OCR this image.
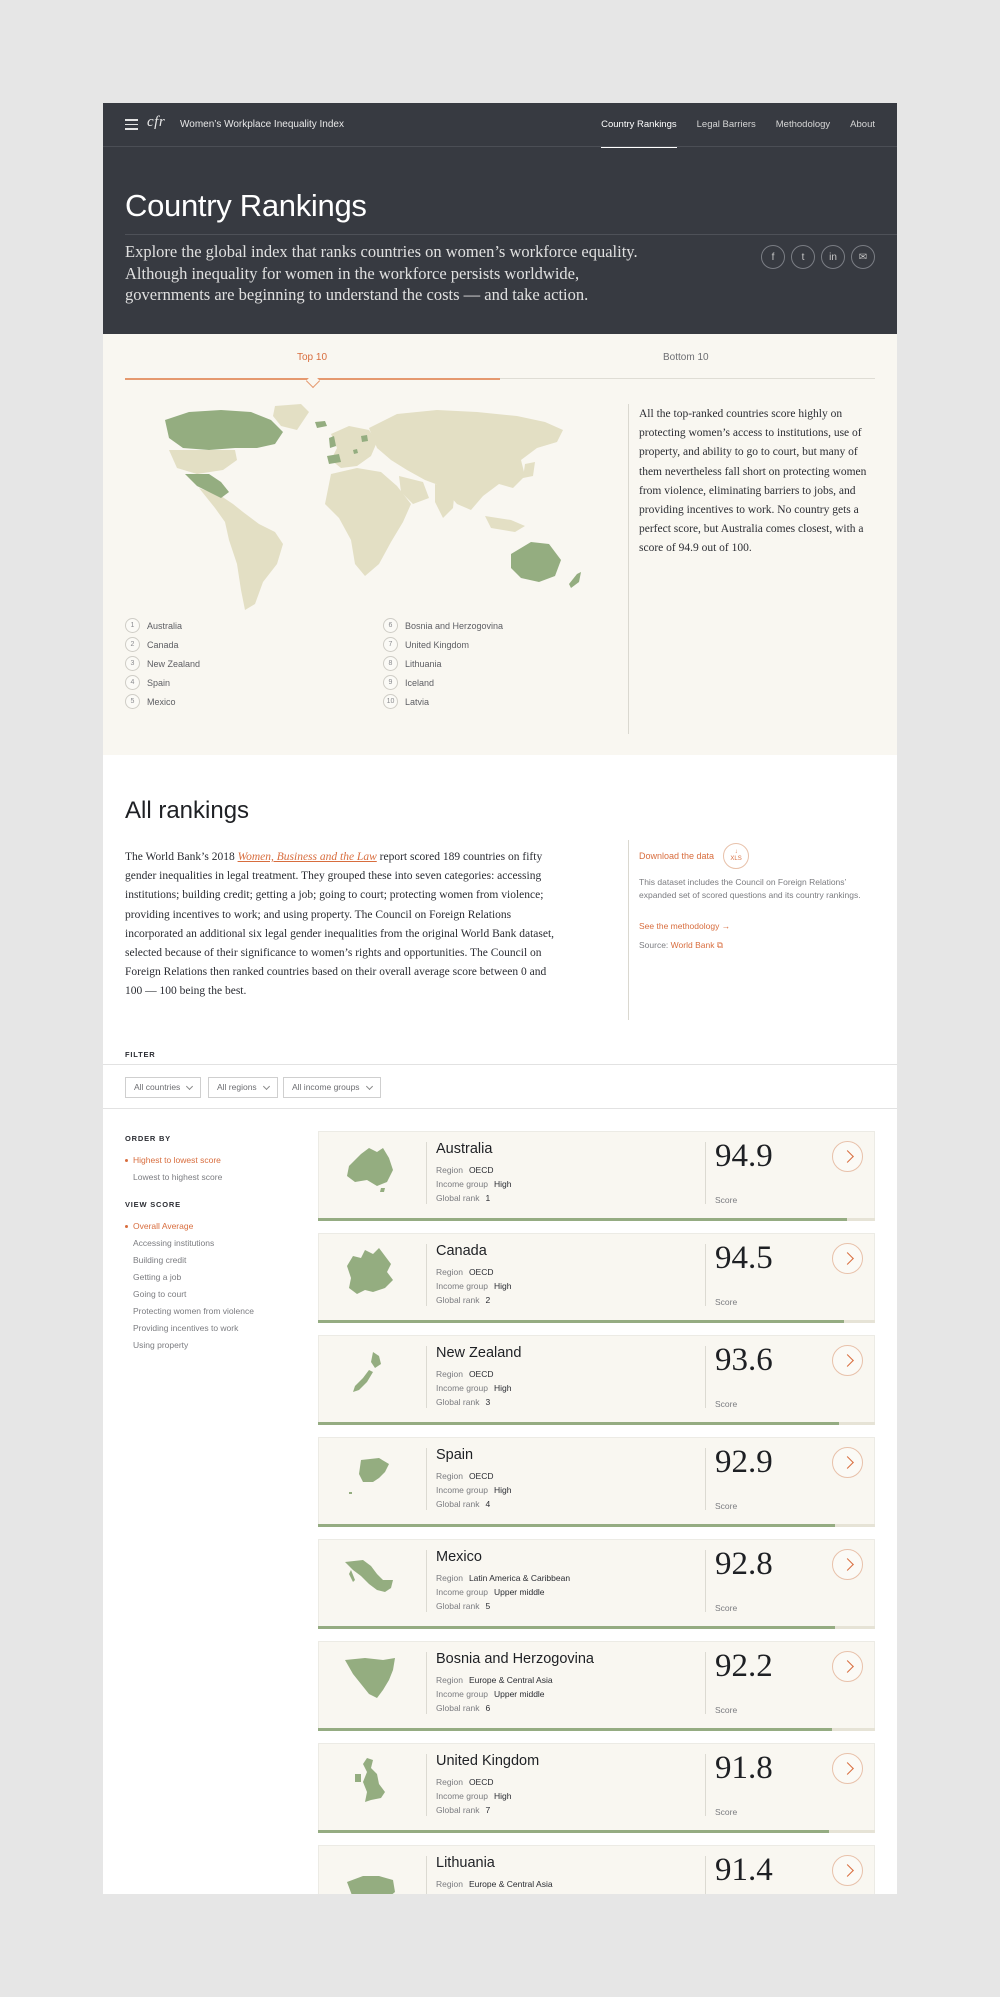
cfr Women’s Workplace Inequality Index	Country Rankings Legal Barriers Methodology About
Country Rankings

Explore the global index that ranks countries on women’s workforce equality. Although inequality for women in the workforce persists worldwide, governments are beginning to understand the costs — and take action.

f	t	in	✉
Top 10	Bottom 10
1	Australia
2	Canada
3	New Zealand
4	Spain
5	Mexico
6	Bosnia and Herzogovina
7	United Kingdom
8	Lithuania
9	Iceland
10	Latvia

All the top-ranked countries score highly on protecting women’s access to institutions, use of property, and ability to go to court, but many of them nevertheless fall short on protecting women from violence, eliminating barriers to jobs, and providing incentives to work. No country gets a perfect score, but Australia comes closest, with a score of 94.9 out of 100.

All rankings

The World Bank’s 2018 Women, Business and the Law report scored 189 countries on fifty gender inequalities in legal treatment. They grouped these into seven categories: accessing institutions; building credit; getting a job; going to court; protecting women from violence; providing incentives to work; and using property. The Council on Foreign Relations incorporated an additional six legal gender inequalities from the original World Bank dataset, selected because of their significance to women’s rights and opportunities. The Council on Foreign Relations then ranked countries based on their overall average score between 0 and 100 — 100 being the best.

Download the data	↓

XLS

This dataset includes the Council on Foreign Relations’ expanded set of scored questions and its country rankings.

See the methodology →
Source: World Bank ⧉
FILTER
All countries	All regions	All income groups
ORDER BY
Highest to lowest score
Lowest to highest score
VIEW SCORE
Overall Average
Accessing institutions
Building credit
Getting a job
Going to court
Protecting women from violence
Providing incentives to work
Using property
Australia
Region OECD
Income group High
Global rank 1
94.9
Score
Canada
Region OECD
Income group High
Global rank 2
94.5
Score
New Zealand
Region OECD
Income group High
Global rank 3
93.6
Score
Spain
Region OECD
Income group High
Global rank 4
92.9
Score
Mexico
Region Latin America & Caribbean
Income group Upper middle
Global rank 5
92.8
Score
Bosnia and Herzogovina
Region Europe & Central Asia
Income group Upper middle
Global rank 6
92.2
Score
United Kingdom
Region OECD
Income group High
Global rank 7
91.8
Score
Lithuania
Region Europe & Central Asia	91.4
